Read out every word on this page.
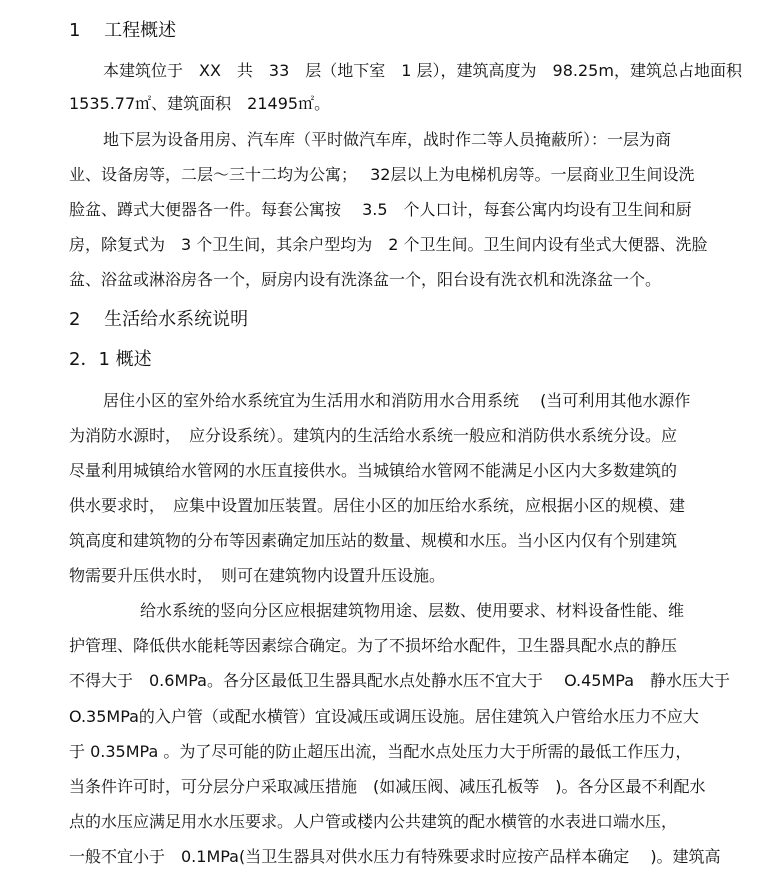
1　 工程概述
本建筑位于　XX　共　33　层（地下室　1 层），建筑高度为　98.25m，建筑总占地面积
1535.77㎡、建筑面积　21495㎡。
地下层为设备用房、汽车库（平时做汽车库，战时作二等人员掩蔽所）：一层为商
业、设备房等，二层～三十二均为公寓；　 32层以上为电梯机房等。一层商业卫生间设洗
脸盆、蹲式大便器各一件。每套公寓按　 3.5　个人口计，每套公寓内均设有卫生间和厨
房，除复式为　3 个卫生间，其余户型均为　2 个卫生间。卫生间内设有坐式大便器、洗脸
盆、浴盆或淋浴房各一个，厨房内设有洗涤盆一个，阳台设有洗衣机和洗涤盆一个。
2　 生活给水系统说明
2．1 概述
居住小区的室外给水系统宜为生活用水和消防用水合用系统　 (当可利用其他水源作
为消防水源时，　应分设系统）。建筑内的生活给水系统一般应和消防供水系统分设。应
尽量利用城镇给水管网的水压直接供水。当城镇给水管网不能满足小区内大多数建筑的
供水要求时，　应集中设置加压装置。居住小区的加压给水系统，应根据小区的规模、建
筑高度和建筑物的分布等因素确定加压站的数量、规模和水压。当小区内仅有个别建筑
物需要升压供水时，　则可在建筑物内设置升压设施。
给水系统的竖向分区应根据建筑物用途、层数、使用要求、材料设备性能、维
护管理、降低供水能耗等因素综合确定。为了不损坏给水配件，卫生器具配水点的静压
不得大于　0.6MPa。各分区最低卫生器具配水点处静水压不宜大于　 O.45MPa　静水压大于
O.35MPa的入户管（或配水横管）宜设减压或调压设施。居住建筑入户管给水压力不应大
于 0.35MPa 。为了尽可能的防止超压出流，当配水点处压力大于所需的最低工作压力，
当条件许可时，可分层分户采取减压措施　(如减压阀、减压孔板等　)。各分区最不利配水
点的水压应满足用水水压要求。人户管或楼内公共建筑的配水横管的水表进口端水压，
一般不宜小于　0.1MPa(当卫生器具对供水压力有特殊要求时应按产品样本确定　 )。建筑高
